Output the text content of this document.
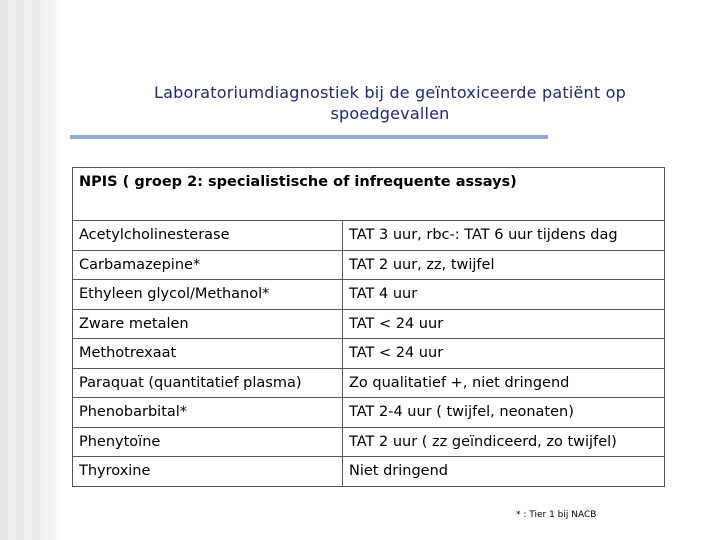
Laboratoriumdiagnostiek bij de geïntoxiceerde patiënt op
spoedgevallen
NPIS ( groep 2: specialistische of infrequente assays)	
Acetylcholinesterase	TAT 3 uur, rbc-: TAT 6 uur tijdens dag
Carbamazepine*	TAT 2 uur, zz, twijfel
Ethyleen glycol/Methanol*	TAT 4 uur
Zware metalen	TAT < 24 uur
Methotrexaat	TAT < 24 uur
Paraquat (quantitatief plasma)	Zo qualitatief +, niet dringend
Phenobarbital*	TAT 2-4 uur ( twijfel, neonaten)
Phenytoïne	TAT 2 uur ( zz geïndiceerd, zo twijfel)
Thyroxine	Niet dringend
* : Tier 1 bij NACB
